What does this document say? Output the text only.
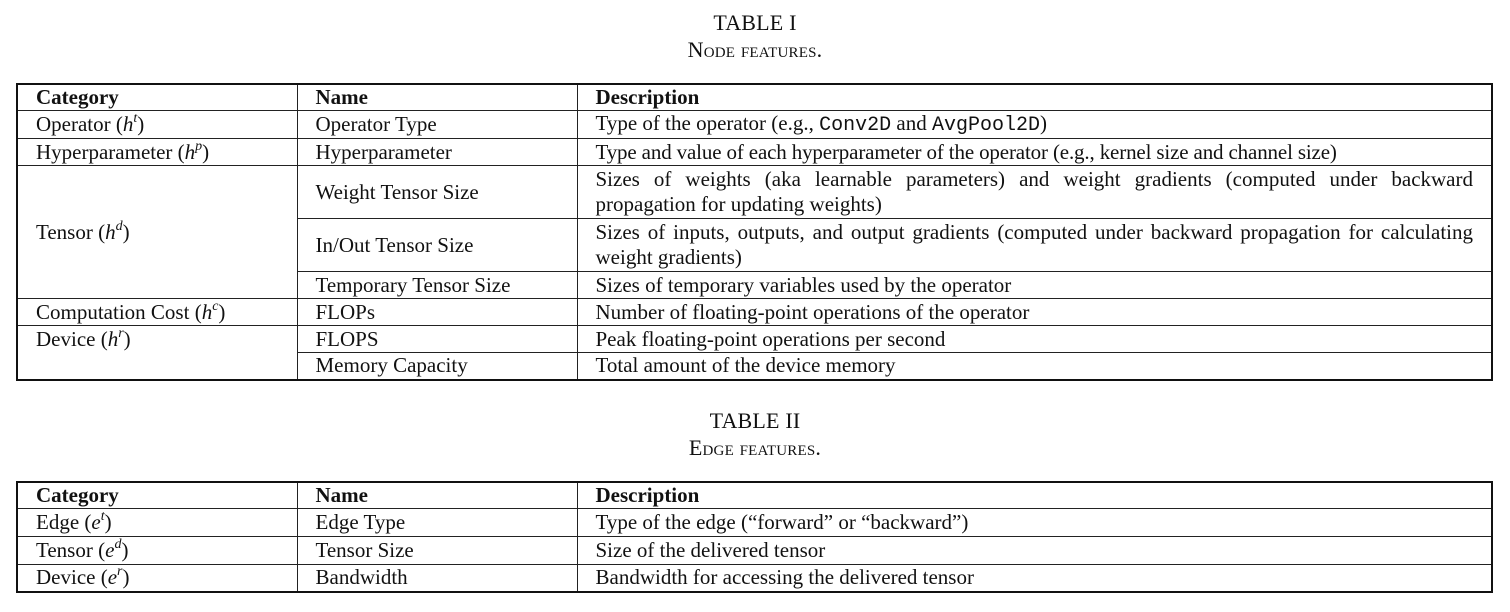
TABLE I
Node features.
Category	Name	Description
Operator $(h^t)$	Operator Type	Type of the operator (e.g., Conv2D and AvgPool2D)
Hyperparameter $(h^p)$	Hyperparameter	Type and value of each hyperparameter of the operator (e.g., kernel size and channel size)
Tensor $(h^d)$	Weight Tensor Size	Sizes of weights (aka learnable parameters) and weight gradients (computed under backward propagation for updating weights)
	In/Out Tensor Size	Sizes of inputs, outputs, and output gradients (computed under backward propagation for calculating weight gradients)
	Temporary Tensor Size	Sizes of temporary variables used by the operator
Computation Cost $(h^c)$	FLOPs	Number of floating-point operations of the operator
Device $(h^r)$	FLOPS	Peak floating-point operations per second
	Memory Capacity	Total amount of the device memory
TABLE II
Edge features.
Category	Name	Description
Edge $(e^t)$	Edge Type	Type of the edge (“forward” or “backward”)
Tensor $(e^d)$	Tensor Size	Size of the delivered tensor
Device $(e^r)$	Bandwidth	Bandwidth for accessing the delivered tensor
